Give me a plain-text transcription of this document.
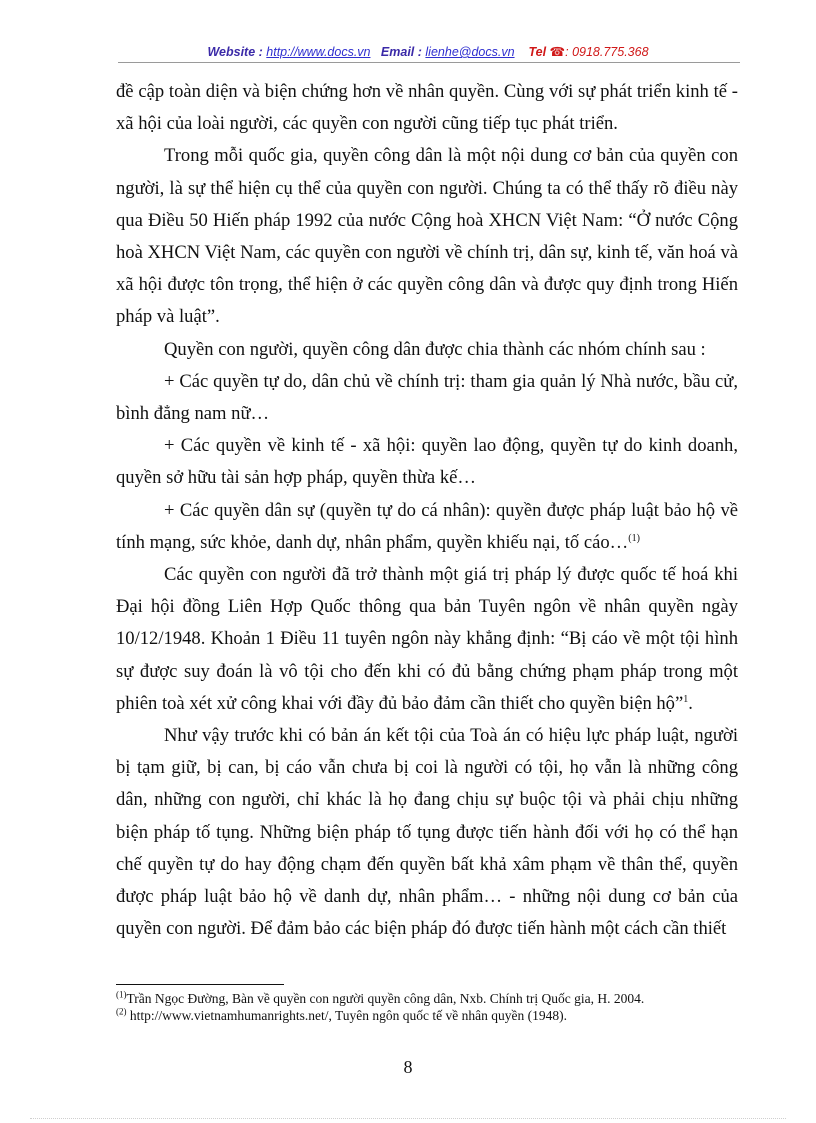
Website : http://www.docs.vn Email : lienhe@docs.vn Tel ☎: 0918.775.368

đề cập toàn diện và biện chứng hơn về nhân quyền. Cùng với sự phát triển kinh tế - xã hội của loài người, các quyền con người cũng tiếp tục phát triển.

Trong mỗi quốc gia, quyền công dân là một nội dung cơ bản của quyền con người, là sự thể hiện cụ thể của quyền con người. Chúng ta có thể thấy rõ điều này qua Điều 50 Hiến pháp 1992 của nước Cộng hoà XHCN Việt Nam: “Ở nước Cộng hoà XHCN Việt Nam, các quyền con người về chính trị, dân sự, kinh tế, văn hoá và xã hội được tôn trọng, thể hiện ở các quyền công dân và được quy định trong Hiến pháp và luật”.

Quyền con người, quyền công dân được chia thành các nhóm chính sau :

+ Các quyền tự do, dân chủ về chính trị: tham gia quản lý Nhà nước, bầu cử, bình đẳng nam nữ…

+ Các quyền về kinh tế - xã hội: quyền lao động, quyền tự do kinh doanh, quyền sở hữu tài sản hợp pháp, quyền thừa kế…

+ Các quyền dân sự (quyền tự do cá nhân): quyền được pháp luật bảo hộ về tính mạng, sức khỏe, danh dự, nhân phẩm, quyền khiếu nại, tố cáo…$^{(1)}$

Các quyền con người đã trở thành một giá trị pháp lý được quốc tế hoá khi Đại hội đồng Liên Hợp Quốc thông qua bản Tuyên ngôn về nhân quyền ngày 10/12/1948. Khoản 1 Điều 11 tuyên ngôn này khẳng định: “Bị cáo về một tội hình sự được suy đoán là vô tội cho đến khi có đủ bằng chứng phạm pháp trong một phiên toà xét xử công khai với đầy đủ bảo đảm cần thiết cho quyền biện hộ”$^1$.

Như vậy trước khi có bản án kết tội của Toà án có hiệu lực pháp luật, người bị tạm giữ, bị can, bị cáo vẫn chưa bị coi là người có tội, họ vẫn là những công dân, những con người, chỉ khác là họ đang chịu sự buộc tội và phải chịu những biện pháp tố tụng. Những biện pháp tố tụng được tiến hành đối với họ có thể hạn chế quyền tự do hay động chạm đến quyền bất khả xâm phạm về thân thể, quyền được pháp luật bảo hộ về danh dự, nhân phẩm… - những nội dung cơ bản của quyền con người. Để đảm bảo các biện pháp đó được tiến hành một cách cần thiết

$^{(1)}$Trần Ngọc Đường, Bàn về quyền con người quyền công dân, Nxb. Chính trị Quốc gia, H. 2004.

$^{(2)}$ http://www.vietnamhumanrights.net/, Tuyên ngôn quốc tế về nhân quyền (1948).

8
